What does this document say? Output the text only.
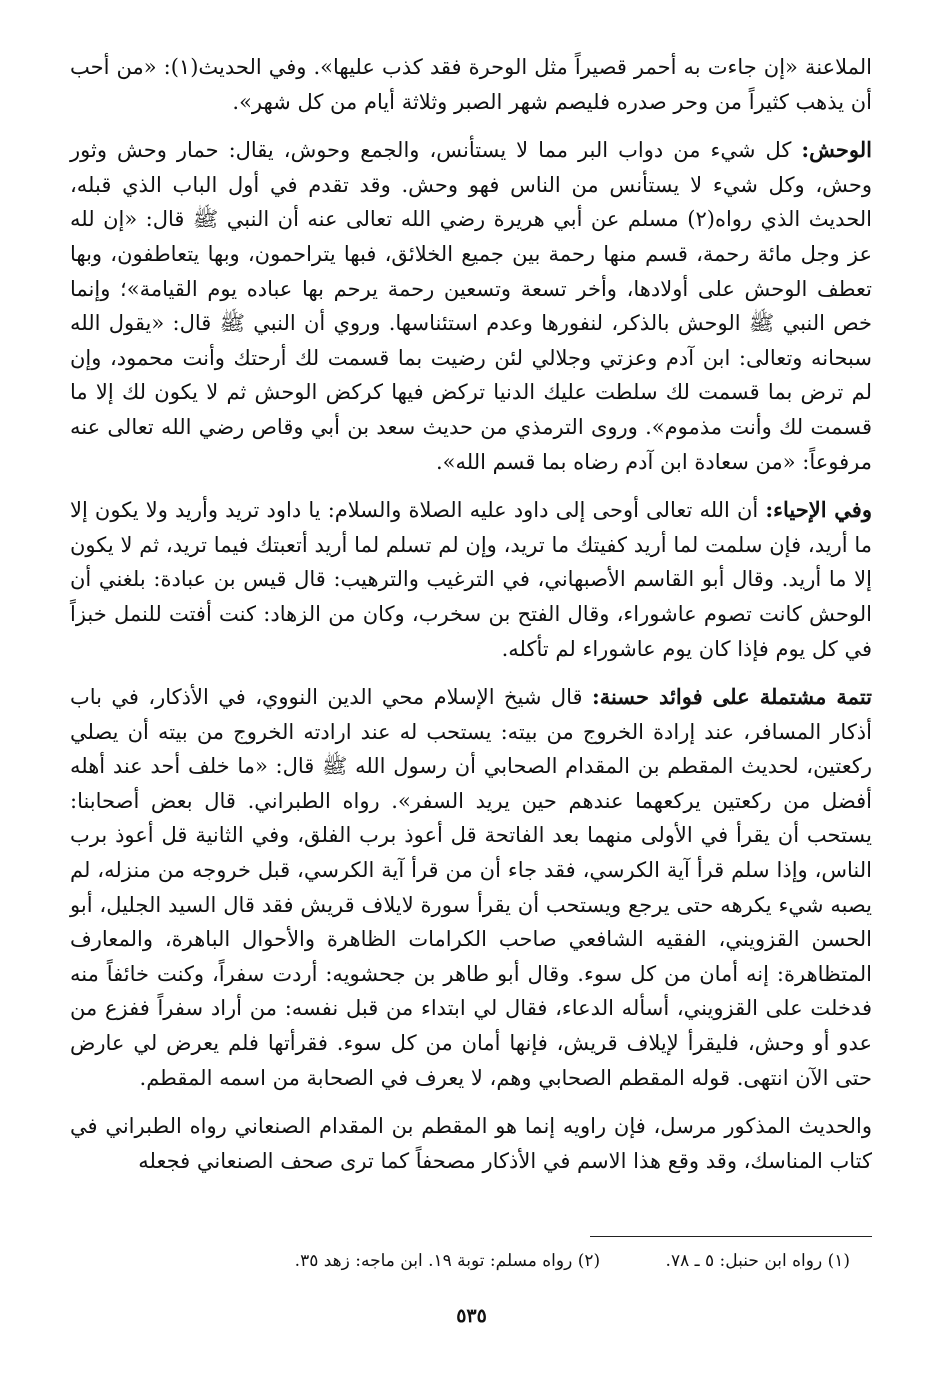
الملاعنة «إن جاءت به أحمر قصيراً مثل الوحرة فقد كذب عليها». وفي الحديث(١): «من أحب أن يذهب كثيراً من وحر صدره فليصم شهر الصبر وثلاثة أيام من كل شهر».

الوحش: كل شيء من دواب البر مما لا يستأنس، والجمع وحوش، يقال: حمار وحش وثور وحش، وكل شيء لا يستأنس من الناس فهو وحش. وقد تقدم في أول الباب الذي قبله، الحديث الذي رواه(٢) مسلم عن أبي هريرة رضي الله تعالى عنه أن النبي ﷺ قال: «إن لله عز وجل مائة رحمة، قسم منها رحمة بين جميع الخلائق، فبها يتراحمون، وبها يتعاطفون، وبها تعطف الوحش على أولادها، وأخر تسعة وتسعين رحمة يرحم بها عباده يوم القيامة»؛ وإنما خص النبي ﷺ الوحش بالذكر، لنفورها وعدم استئناسها. وروي أن النبي ﷺ قال: «يقول الله سبحانه وتعالى: ابن آدم وعزتي وجلالي لئن رضيت بما قسمت لك أرحتك وأنت محمود، وإن لم ترض بما قسمت لك سلطت عليك الدنيا تركض فيها كركض الوحش ثم لا يكون لك إلا ما قسمت لك وأنت مذموم». وروى الترمذي من حديث سعد بن أبي وقاص رضي الله تعالى عنه مرفوعاً: «من سعادة ابن آدم رضاه بما قسم الله».

وفي الإحياء: أن الله تعالى أوحى إلى داود عليه الصلاة والسلام: يا داود تريد وأريد ولا يكون إلا ما أريد، فإن سلمت لما أريد كفيتك ما تريد، وإن لم تسلم لما أريد أتعبتك فيما تريد، ثم لا يكون إلا ما أريد. وقال أبو القاسم الأصبهاني، في الترغيب والترهيب: قال قيس بن عبادة: بلغني أن الوحش كانت تصوم عاشوراء، وقال الفتح بن سخرب، وكان من الزهاد: كنت أفتت للنمل خبزاً في كل يوم فإذا كان يوم عاشوراء لم تأكله.

تتمة مشتملة على فوائد حسنة: قال شيخ الإسلام محي الدين النووي، في الأذكار، في باب أذكار المسافر، عند إرادة الخروج من بيته: يستحب له عند ارادته الخروج من بيته أن يصلي ركعتين، لحديث المقطم بن المقدام الصحابي أن رسول الله ﷺ قال: «ما خلف أحد عند أهله أفضل من ركعتين يركعهما عندهم حين يريد السفر». رواه الطبراني. قال بعض أصحابنا: يستحب أن يقرأ في الأولى منهما بعد الفاتحة قل أعوذ برب الفلق، وفي الثانية قل أعوذ برب الناس، وإذا سلم قرأ آية الكرسي، فقد جاء أن من قرأ آية الكرسي، قبل خروجه من منزله، لم يصبه شيء يكرهه حتى يرجع ويستحب أن يقرأ سورة لايلاف قريش فقد قال السيد الجليل، أبو الحسن القزويني، الفقيه الشافعي صاحب الكرامات الظاهرة والأحوال الباهرة، والمعارف المتظاهرة: إنه أمان من كل سوء. وقال أبو طاهر بن جحشويه: أردت سفراً، وكنت خائفاً منه فدخلت على القزويني، أسأله الدعاء، فقال لي ابتداء من قبل نفسه: من أراد سفراً ففزع من عدو أو وحش، فليقرأ لإيلاف قريش، فإنها أمان من كل سوء. فقرأتها فلم يعرض لي عارض حتى الآن انتهى. قوله المقطم الصحابي وهم، لا يعرف في الصحابة من اسمه المقطم.

والحديث المذكور مرسل، فإن راويه إنما هو المقطم بن المقدام الصنعاني رواه الطبراني في كتاب المناسك، وقد وقع هذا الاسم في الأذكار مصحفاً كما ترى صحف الصنعاني فجعله

(١) رواه ابن حنبل: ٥ ـ ٧٨. (٢) رواه مسلم: توبة ١٩. ابن ماجه: زهد ٣٥.
٥٣٥
